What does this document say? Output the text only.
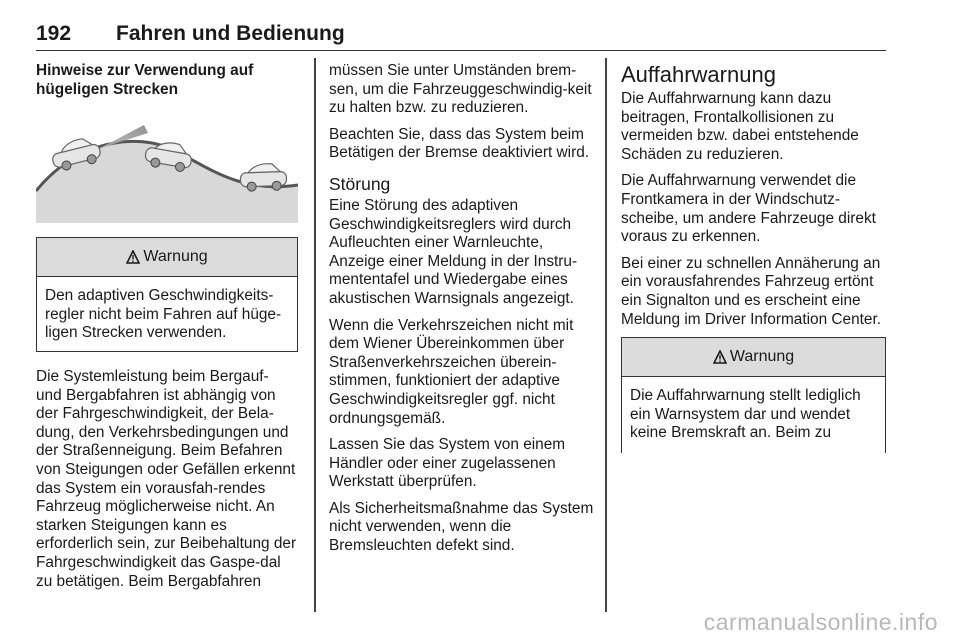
192 Fahren und Bedienung
Hinweise zur Verwendung auf hügeligen Strecken
Warnung
Den adaptiven Geschwindigkeits-regler nicht beim Fahren auf hüge-ligen Strecken verwenden.

Die Systemleistung beim Bergauf- und Bergabfahren ist abhängig von der Fahrgeschwindigkeit, der Bela-dung, den Verkehrsbedingungen und der Straßenneigung. Beim Befahren von Steigungen oder Gefällen erkennt das System ein vorausfah-rendes Fahrzeug möglicherweise nicht. An starken Steigungen kann es erforderlich sein, zur Beibehaltung der Fahrgeschwindigkeit das Gaspe-dal zu betätigen. Beim Bergabfahren

müssen Sie unter Umständen brem-sen, um die Fahrzeuggeschwindig-keit zu halten bzw. zu reduzieren.

Beachten Sie, dass das System beim Betätigen der Bremse deaktiviert wird.

Störung

Eine Störung des adaptiven Geschwindigkeitsreglers wird durch Aufleuchten einer Warnleuchte, Anzeige einer Meldung in der Instru-mententafel und Wiedergabe eines akustischen Warnsignals angezeigt.

Wenn die Verkehrszeichen nicht mit dem Wiener Übereinkommen über Straßenverkehrszeichen überein-stimmen, funktioniert der adaptive Geschwindigkeitsregler ggf. nicht ordnungsgemäß.

Lassen Sie das System von einem Händler oder einer zugelassenen Werkstatt überprüfen.

Als Sicherheitsmaßnahme das System nicht verwenden, wenn die Bremsleuchten defekt sind.

Auffahrwarnung

Die Auffahrwarnung kann dazu beitragen, Frontalkollisionen zu vermeiden bzw. dabei entstehende Schäden zu reduzieren.

Die Auffahrwarnung verwendet die Frontkamera in der Windschutz-scheibe, um andere Fahrzeuge direkt voraus zu erkennen.

Bei einer zu schnellen Annäherung an ein vorausfahrendes Fahrzeug ertönt ein Signalton und es erscheint eine Meldung im Driver Information Center.

Warnung
Die Auffahrwarnung stellt lediglich ein Warnsystem dar und wendet keine Bremskraft an. Beim zu
carmanualsonline.info
